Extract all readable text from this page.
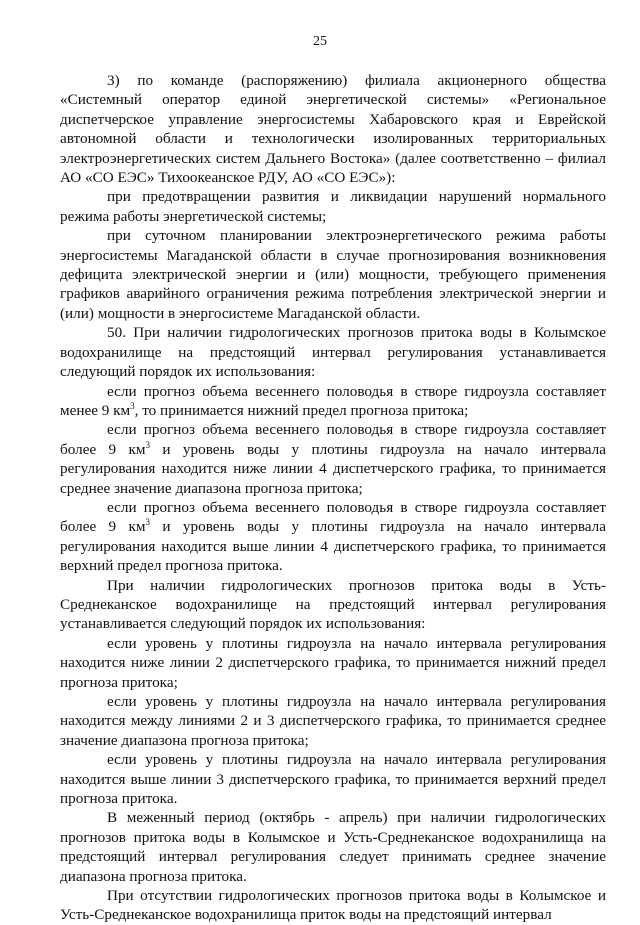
25

3) по команде (распоряжению) филиала акционерного общества «Системный оператор единой энергетической системы» «Региональное диспетчерское управление энергосистемы Хабаровского края и Еврейской автономной области и технологически изолированных территориальных электроэнергетических систем Дальнего Востока» (далее соответственно – филиал АО «СО ЕЭС» Тихоокеанское РДУ, АО «СО ЕЭС»):

при предотвращении развития и ликвидации нарушений нормального режима работы энергетической системы;

при суточном планировании электроэнергетического режима работы энергосистемы Магаданской области в случае прогнозирования возникновения дефицита электрической энергии и (или) мощности, требующего применения графиков аварийного ограничения режима потребления электрической энергии и (или) мощности в энергосистеме Магаданской области.

50. При наличии гидрологических прогнозов притока воды в Колымское водохранилище на предстоящий интервал регулирования устанавливается следующий порядок их использования:

если прогноз объема весеннего половодья в створе гидроузла составляет менее 9 $км^3$, то принимается нижний предел прогноза притока;

если прогноз объема весеннего половодья в створе гидроузла составляет более 9 $км^3$ и уровень воды у плотины гидроузла на начало интервала регулирования находится ниже линии 4 диспетчерского графика, то принимается среднее значение диапазона прогноза притока;

если прогноз объема весеннего половодья в створе гидроузла составляет более 9 $км^3$ и уровень воды у плотины гидроузла на начало интервала регулирования находится выше линии 4 диспетчерского графика, то принимается верхний предел прогноза притока.

При наличии гидрологических прогнозов притока воды в Усть-Среднеканское водохранилище на предстоящий интервал регулирования устанавливается следующий порядок их использования:

если уровень у плотины гидроузла на начало интервала регулирования находится ниже линии 2 диспетчерского графика, то принимается нижний предел прогноза притока;

если уровень у плотины гидроузла на начало интервала регулирования находится между линиями 2 и 3 диспетчерского графика, то принимается среднее значение диапазона прогноза притока;

если уровень у плотины гидроузла на начало интервала регулирования находится выше линии 3 диспетчерского графика, то принимается верхний предел прогноза притока.

В меженный период (октябрь - апрель) при наличии гидрологических прогнозов притока воды в Колымское и Усть-Среднеканское водохранилища на предстоящий интервал регулирования следует принимать среднее значение диапазона прогноза притока.

При отсутствии гидрологических прогнозов притока воды в Колымское и Усть-Среднеканское водохранилища приток воды на предстоящий интервал
